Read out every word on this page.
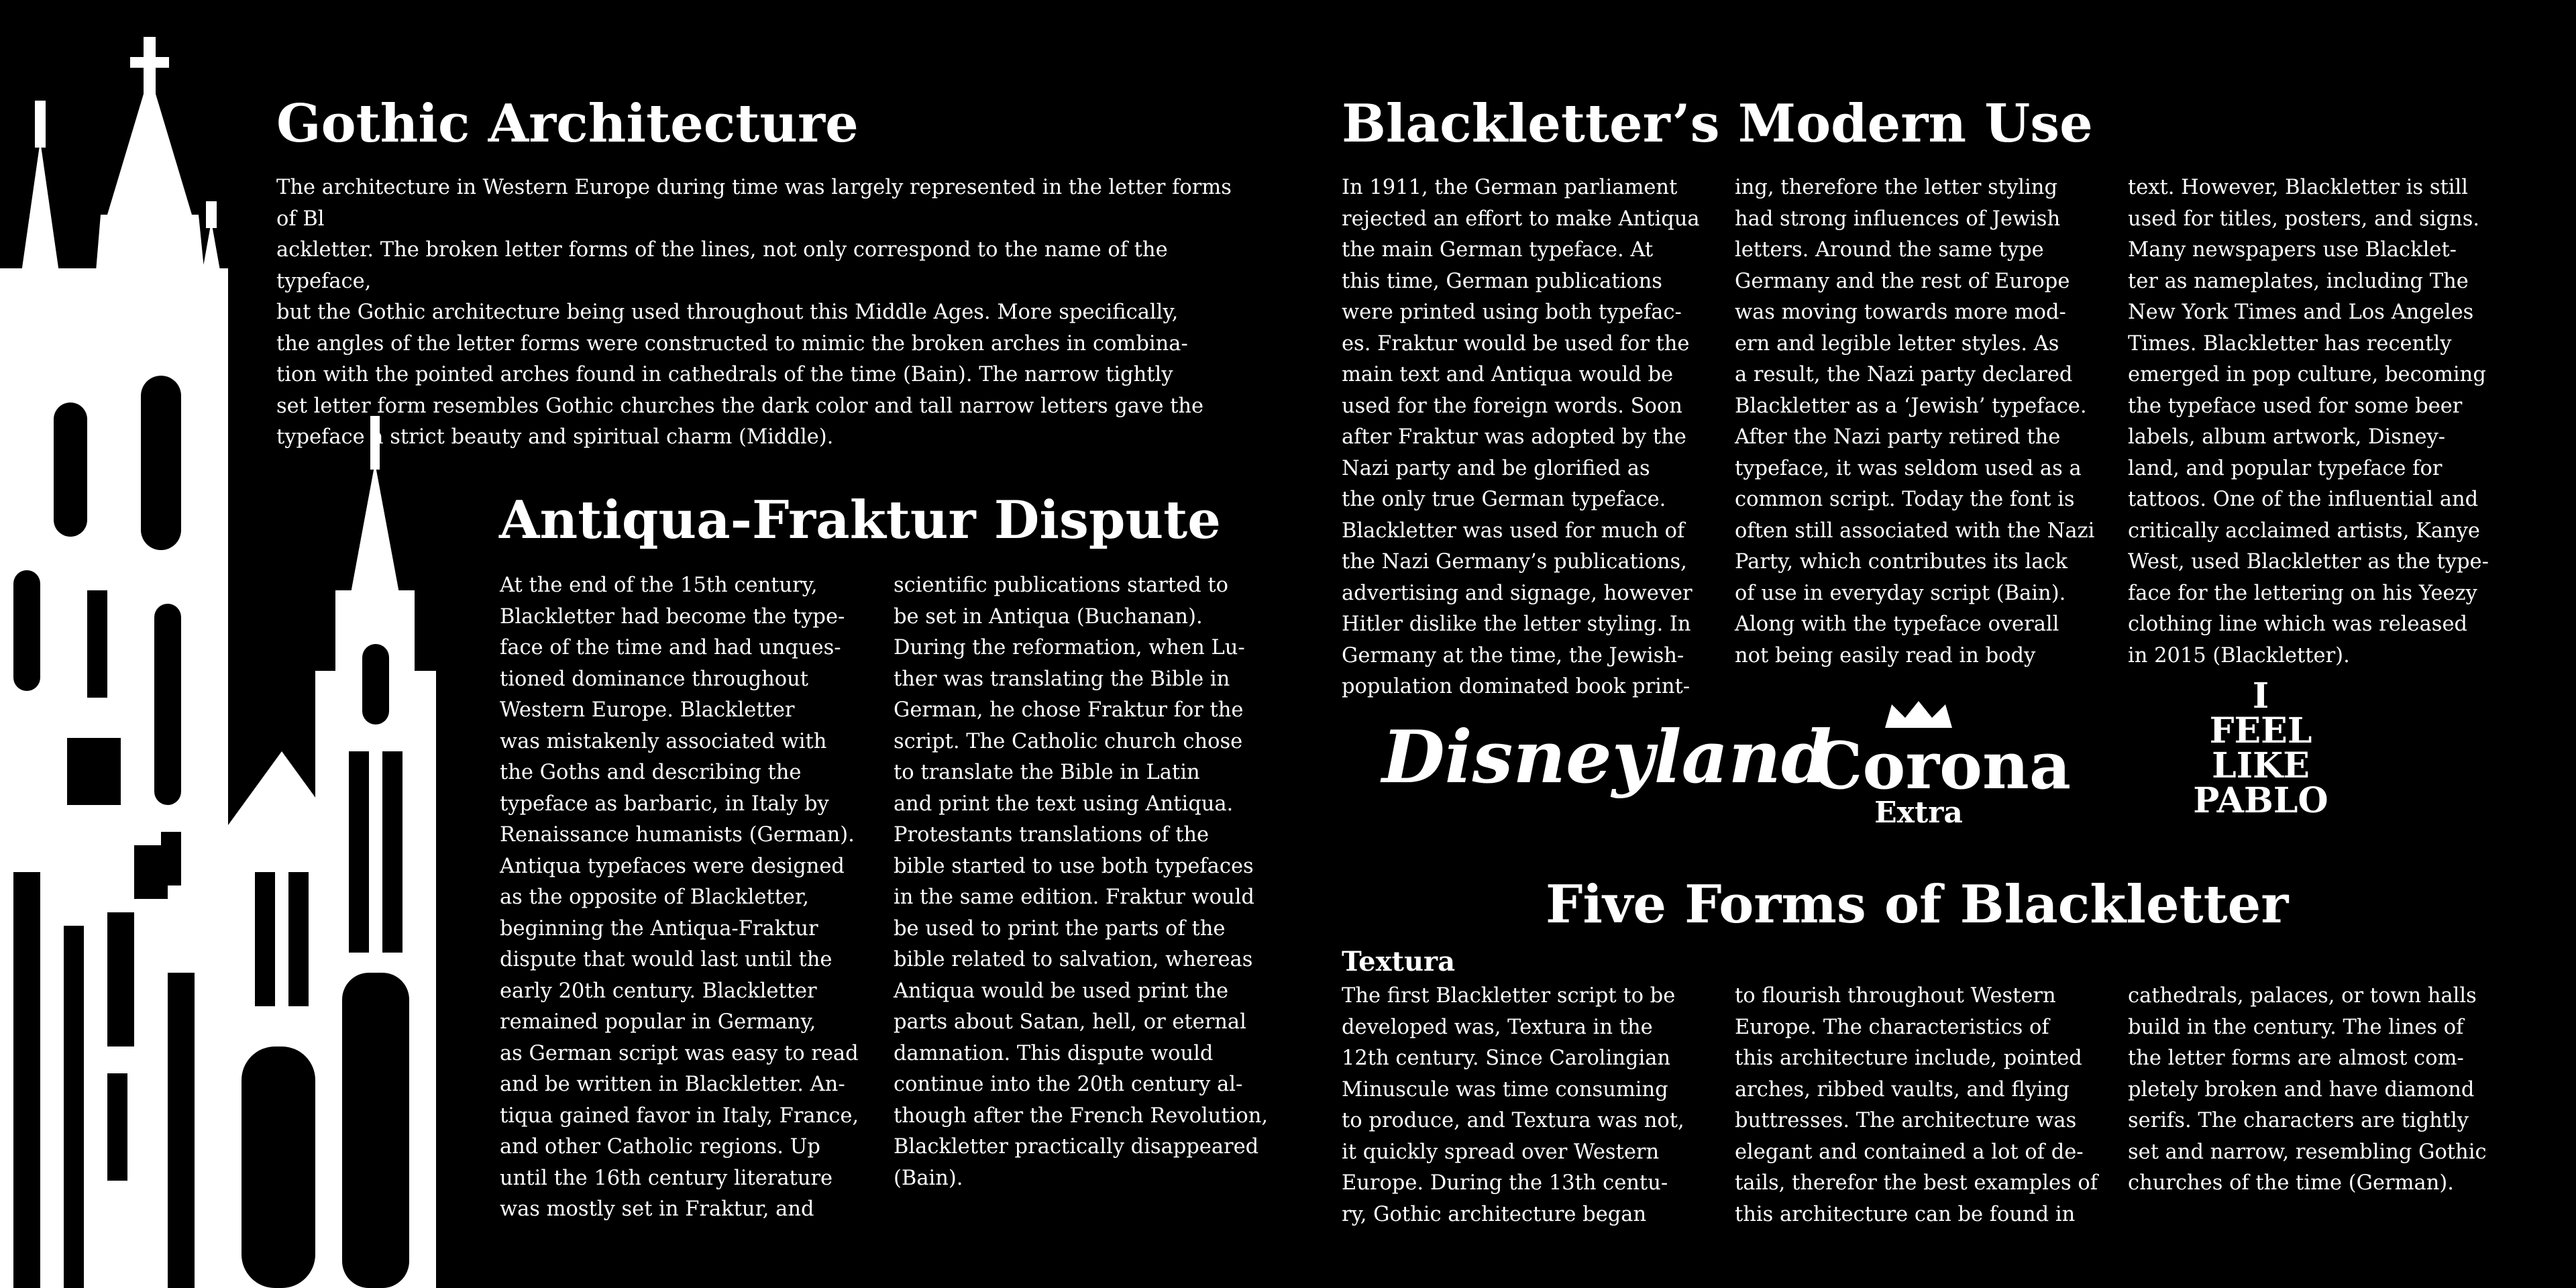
Gothic Architecture

The architecture in Western Europe during time was largely represented in the letter forms of Bl
ackletter. The broken letter forms of the lines, not only correspond to the name of the typeface,
but the Gothic architecture being used throughout this Middle Ages. More specifically,
the angles of the letter forms were constructed to mimic the broken arches in combina-
tion with the pointed arches found in cathedrals of the time (Bain). The narrow tightly
set letter form resembles Gothic churches the dark color and tall narrow letters gave the
typeface a strict beauty and spiritual charm (Middle).

Antiqua-Fraktur Dispute

At the end of the 15th century,
Blackletter had become the type-
face of the time and had unques-
tioned dominance throughout
Western Europe. Blackletter
was mistakenly associated with
the Goths and describing the
typeface as barbaric, in Italy by
Renaissance humanists (German).
Antiqua typefaces were designed
as the opposite of Blackletter,
beginning the Antiqua-Fraktur
dispute that would last until the
early 20th century. Blackletter
remained popular in Germany,
as German script was easy to read
and be written in Blackletter. An-
tiqua gained favor in Italy, France,
and other Catholic regions. Up
until the 16th century literature
was mostly set in Fraktur, and

scientific publications started to
be set in Antiqua (Buchanan).
During the reformation, when Lu-
ther was translating the Bible in
German, he chose Fraktur for the
script. The Catholic church chose
to translate the Bible in Latin
and print the text using Antiqua.
Protestants translations of the
bible started to use both typefaces
in the same edition. Fraktur would
be used to print the parts of the
bible related to salvation, whereas
Antiqua would be used print the
parts about Satan, hell, or eternal
damnation. This dispute would
continue into the 20th century al-
though after the French Revolution,
Blackletter practically disappeared
(Bain).

Blackletter’s Modern Use

In 1911, the German parliament
rejected an effort to make Antiqua
the main German typeface. At
this time, German publications
were printed using both typefac-
es. Fraktur would be used for the
main text and Antiqua would be
used for the foreign words. Soon
after Fraktur was adopted by the
Nazi party and be glorified as
the only true German typeface.
Blackletter was used for much of
the Nazi Germany’s publications,
advertising and signage, however
Hitler dislike the letter styling. In
Germany at the time, the Jewish-
population dominated book print-

ing, therefore the letter styling
had strong influences of Jewish
letters. Around the same type
Germany and the rest of Europe
was moving towards more mod-
ern and legible letter styles. As
a result, the Nazi party declared
Blackletter as a ‘Jewish’ typeface.
After the Nazi party retired the
typeface, it was seldom used as a
common script. Today the font is
often still associated with the Nazi
Party, which contributes its lack
of use in everyday script (Bain).
Along with the typeface overall
not being easily read in body

text. However, Blackletter is still
used for titles, posters, and signs.
Many newspapers use Blacklet-
ter as nameplates, including The
New York Times and Los Angeles
Times. Blackletter has recently
emerged in pop culture, becoming
the typeface used for some beer
labels, album artwork, Disney-
land, and popular typeface for
tattoos. One of the influential and
critically acclaimed artists, Kanye
West, used Blackletter as the type-
face for the lettering on his Yeezy
clothing line which was released
in 2015 (Blackletter).

Disneyland
Corona
Extra
I
FEEL
LIKE
PABLO
Five Forms of Blackletter
Textura

The first Blackletter script to be
developed was, Textura in the
12th century. Since Carolingian
Minuscule was time consuming
to produce, and Textura was not,
it quickly spread over Western
Europe. During the 13th centu-
ry, Gothic architecture began

to flourish throughout Western
Europe. The characteristics of
this architecture include, pointed
arches, ribbed vaults, and flying
buttresses. The architecture was
elegant and contained a lot of de-
tails, therefor the best examples of
this architecture can be found in

cathedrals, palaces, or town halls
build in the century. The lines of
the letter forms are almost com-
pletely broken and have diamond
serifs. The characters are tightly
set and narrow, resembling Gothic
churches of the time (German).
